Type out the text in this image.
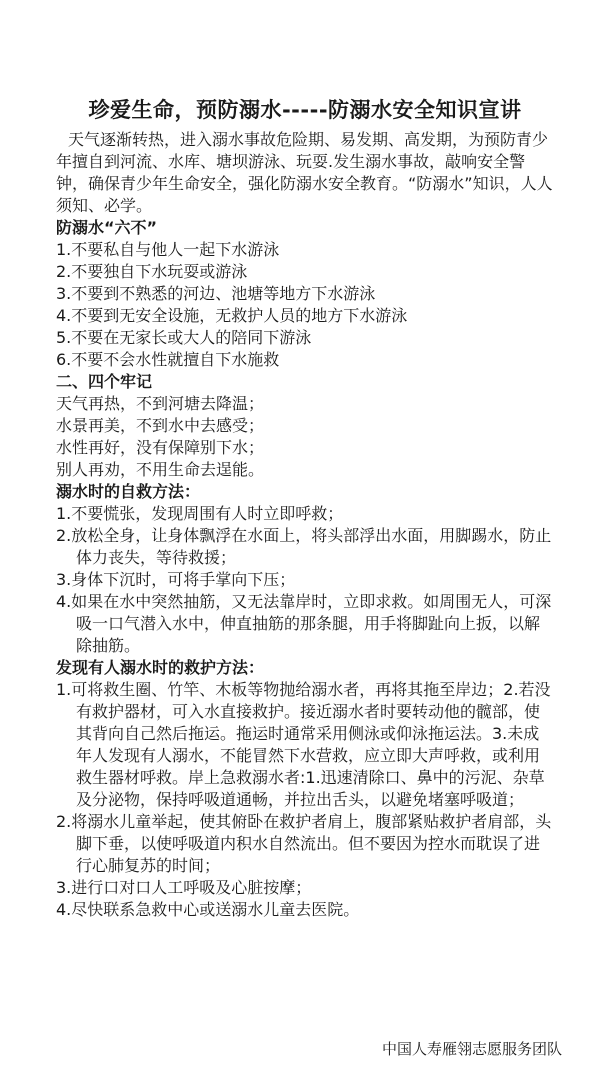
珍爱生命，预防溺水-----防溺水安全知识宣讲

天气逐渐转热，进入溺水事故危险期、易发期、高发期，为预防青少年擅自到河流、水库、塘坝游泳、玩耍.发生溺水事故，敲响安全警钟，确保青少年生命安全，强化防溺水安全教育。“防溺水”知识，人人须知、必学。

防溺水“六不”

1.不要私自与他人一起下水游泳

2.不要独自下水玩耍或游泳

3.不要到不熟悉的河边、池塘等地方下水游泳

4.不要到无安全设施，无救护人员的地方下水游泳

5.不要在无家长或大人的陪同下游泳

6.不要不会水性就擅自下水施救

二、四个牢记

天气再热，不到河塘去降温；

水景再美，不到水中去感受；

水性再好，没有保障别下水；

别人再劝，不用生命去逞能。

溺水时的自救方法：

1.不要慌张，发现周围有人时立即呼救；

2.放松全身，让身体飘浮在水面上，将头部浮出水面，用脚踢水，防止体力丧失，等待救援；

3.身体下沉时，可将手掌向下压；

4.如果在水中突然抽筋，又无法靠岸时，立即求救。如周围无人，可深吸一口气潜入水中，伸直抽筋的那条腿，用手将脚趾向上扳，以解除抽筋。

发现有人溺水时的救护方法：

1.可将救生圈、竹竿、木板等物抛给溺水者，再将其拖至岸边；2.若没有救护器材，可入水直接救护。接近溺水者时要转动他的髋部，使其背向自己然后拖运。拖运时通常采用侧泳或仰泳拖运法。3.未成年人发现有人溺水，不能冒然下水营救，应立即大声呼救，或利用救生器材呼救。岸上急救溺水者:1.迅速清除口、鼻中的污泥、杂草及分泌物，保持呼吸道通畅，并拉出舌头，以避免堵塞呼吸道；

2.将溺水儿童举起，使其俯卧在救护者肩上，腹部紧贴救护者肩部，头脚下垂，以使呼吸道内积水自然流出。但不要因为控水而耽误了进行心肺复苏的时间；

3.进行口对口人工呼吸及心脏按摩；

4.尽快联系急救中心或送溺水儿童去医院。

中国人寿雁翎志愿服务团队
